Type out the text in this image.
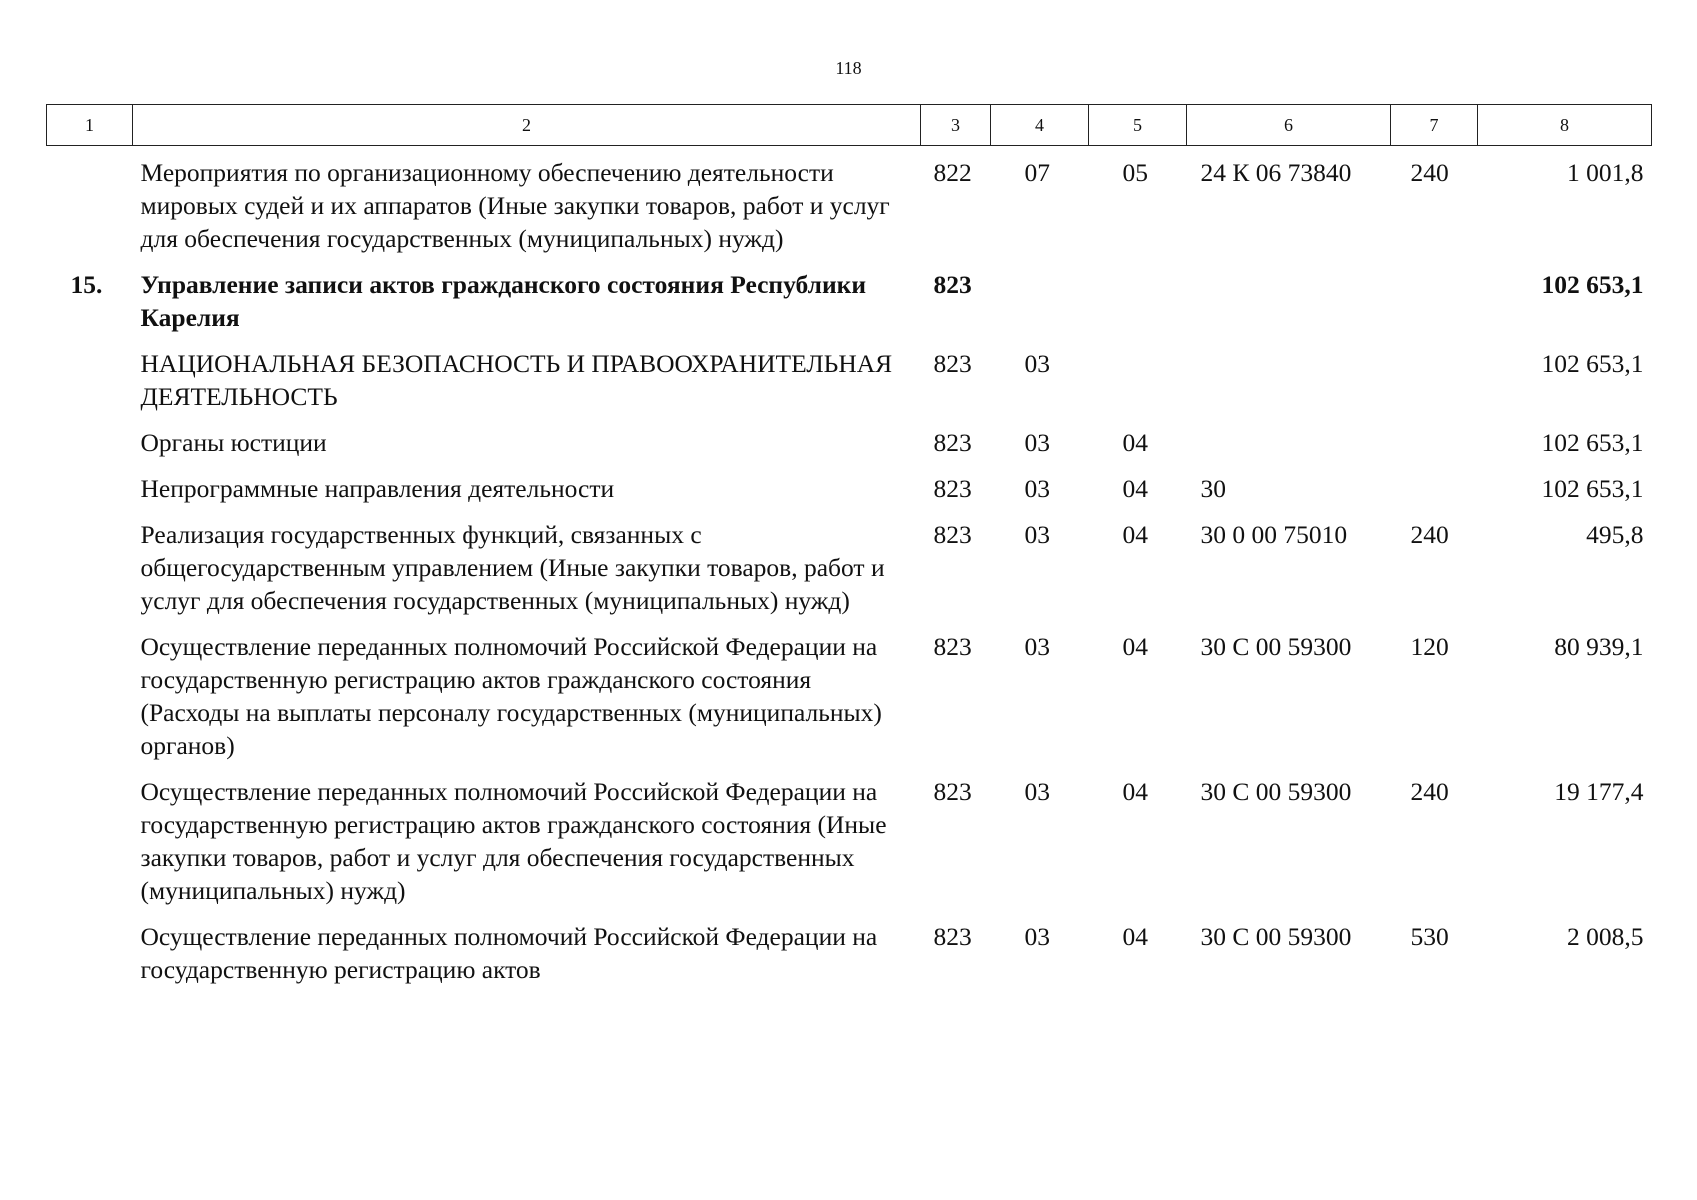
118
1	2	3	4	5	6	7	8
	Мероприятия по организационному обеспечению деятельности мировых судей и их аппаратов (Иные закупки товаров, работ и услуг для обеспечения государственных (муниципальных) нужд)	822	07	05	24 К 06 73840	240	1 001,8
15.	Управление записи актов гражданского состояния Республики Карелия	823					102 653,1
	НАЦИОНАЛЬНАЯ БЕЗОПАСНОСТЬ И ПРАВООХРАНИТЕЛЬНАЯ ДЕЯТЕЛЬНОСТЬ	823	03				102 653,1
	Органы юстиции	823	03	04			102 653,1
	Непрограммные направления деятельности	823	03	04	30		102 653,1
	Реализация государственных функций, связанных с общегосударственным управлением (Иные закупки товаров, работ и услуг для обеспечения государственных (муниципальных) нужд)	823	03	04	30 0 00 75010	240	495,8
	Осуществление переданных полномочий Российской Федерации на государственную регистрацию актов гражданского состояния (Расходы на выплаты персоналу государственных (муниципальных) органов)	823	03	04	30 С 00 59300	120	80 939,1
	Осуществление переданных полномочий Российской Федерации на государственную регистрацию актов гражданского состояния (Иные закупки товаров, работ и услуг для обеспечения государственных (муниципальных) нужд)	823	03	04	30 С 00 59300	240	19 177,4
	Осуществление переданных полномочий Российской Федерации на государственную регистрацию актов	823	03	04	30 С 00 59300	530	2 008,5
